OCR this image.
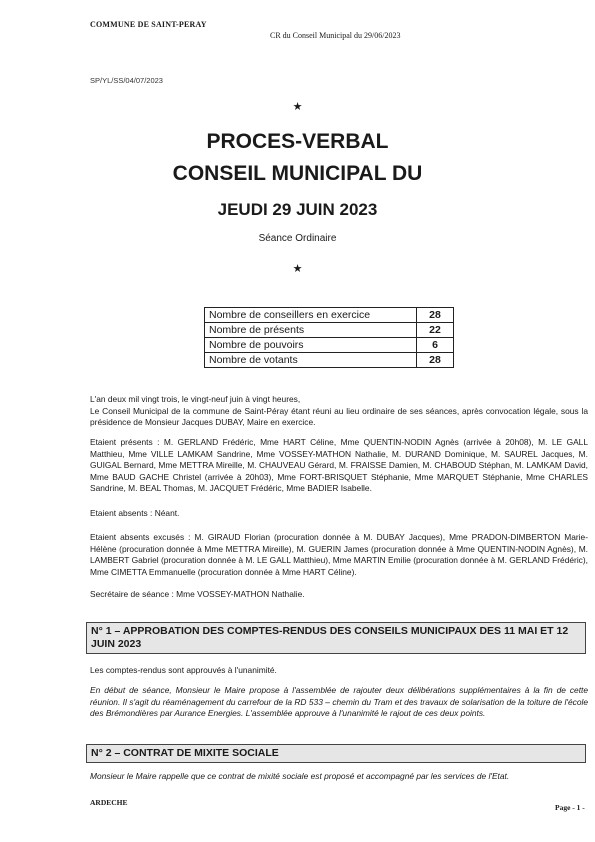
COMMUNE DE SAINT-PERAY
CR du Conseil Municipal du 29/06/2023
SP/YL/SS/04/07/2023
★
PROCES-VERBAL
CONSEIL MUNICIPAL DU
JEUDI 29 JUIN 2023
Séance Ordinaire
★
Nombre de conseillers en exercice	28
Nombre de présents	22
Nombre de pouvoirs	6
Nombre de votants	28

L'an deux mil vingt trois, le vingt-neuf juin à vingt heures,

Le Conseil Municipal de la commune de Saint-Péray étant réuni au lieu ordinaire de ses séances, après convocation légale, sous la présidence de Monsieur Jacques DUBAY, Maire en exercice.

Etaient présents : M. GERLAND Frédéric, Mme HART Céline, Mme QUENTIN-NODIN Agnès (arrivée à 20h08), M. LE GALL Matthieu, Mme VILLE LAMKAM Sandrine, Mme VOSSEY-MATHON Nathalie, M. DURAND Dominique, M. SAUREL Jacques, M. GUIGAL Bernard, Mme METTRA Mireille, M. CHAUVEAU Gérard, M. FRAISSE Damien, M. CHABOUD Stéphan, M. LAMKAM David, Mme BAUD GACHE Christel (arrivée à 20h03), Mme FORT-BRISQUET Stéphanie, Mme MARQUET Stéphanie, Mme CHARLES Sandrine, M. BEAL Thomas, M. JACQUET Frédéric, Mme BADIER Isabelle.
Etaient absents : Néant.
Etaient absents excusés : M. GIRAUD Florian (procuration donnée à M. DUBAY Jacques), Mme PRADON-DIMBERTON Marie-Hélène (procuration donnée à Mme METTRA Mireille), M. GUERIN James (procuration donnée à Mme QUENTIN-NODIN Agnès), M. LAMBERT Gabriel (procuration donnée à M. LE GALL Matthieu), Mme MARTIN Emilie (procuration donnée à M. GERLAND Frédéric), Mme CIMETTA Emmanuelle (procuration donnée à Mme HART Céline).
Secrétaire de séance : Mme VOSSEY-MATHON Nathalie.
N° 1 – APPROBATION DES COMPTES-RENDUS DES CONSEILS MUNICIPAUX DES 11 MAI ET 12 JUIN 2023
Les comptes-rendus sont approuvés à l'unanimité.
En début de séance, Monsieur le Maire propose à l'assemblée de rajouter deux délibérations supplémentaires à la fin de cette réunion. Il s'agit du réaménagement du carrefour de la RD 533 – chemin du Tram et des travaux de solarisation de la toiture de l'école des Brémondières par Aurance Energies. L'assemblée approuve à l'unanimité le rajout de ces deux points.
N° 2 – CONTRAT DE MIXITE SOCIALE
Monsieur le Maire rappelle que ce contrat de mixité sociale est proposé et accompagné par les services de l'Etat.
ARDECHE
Page - 1 -
